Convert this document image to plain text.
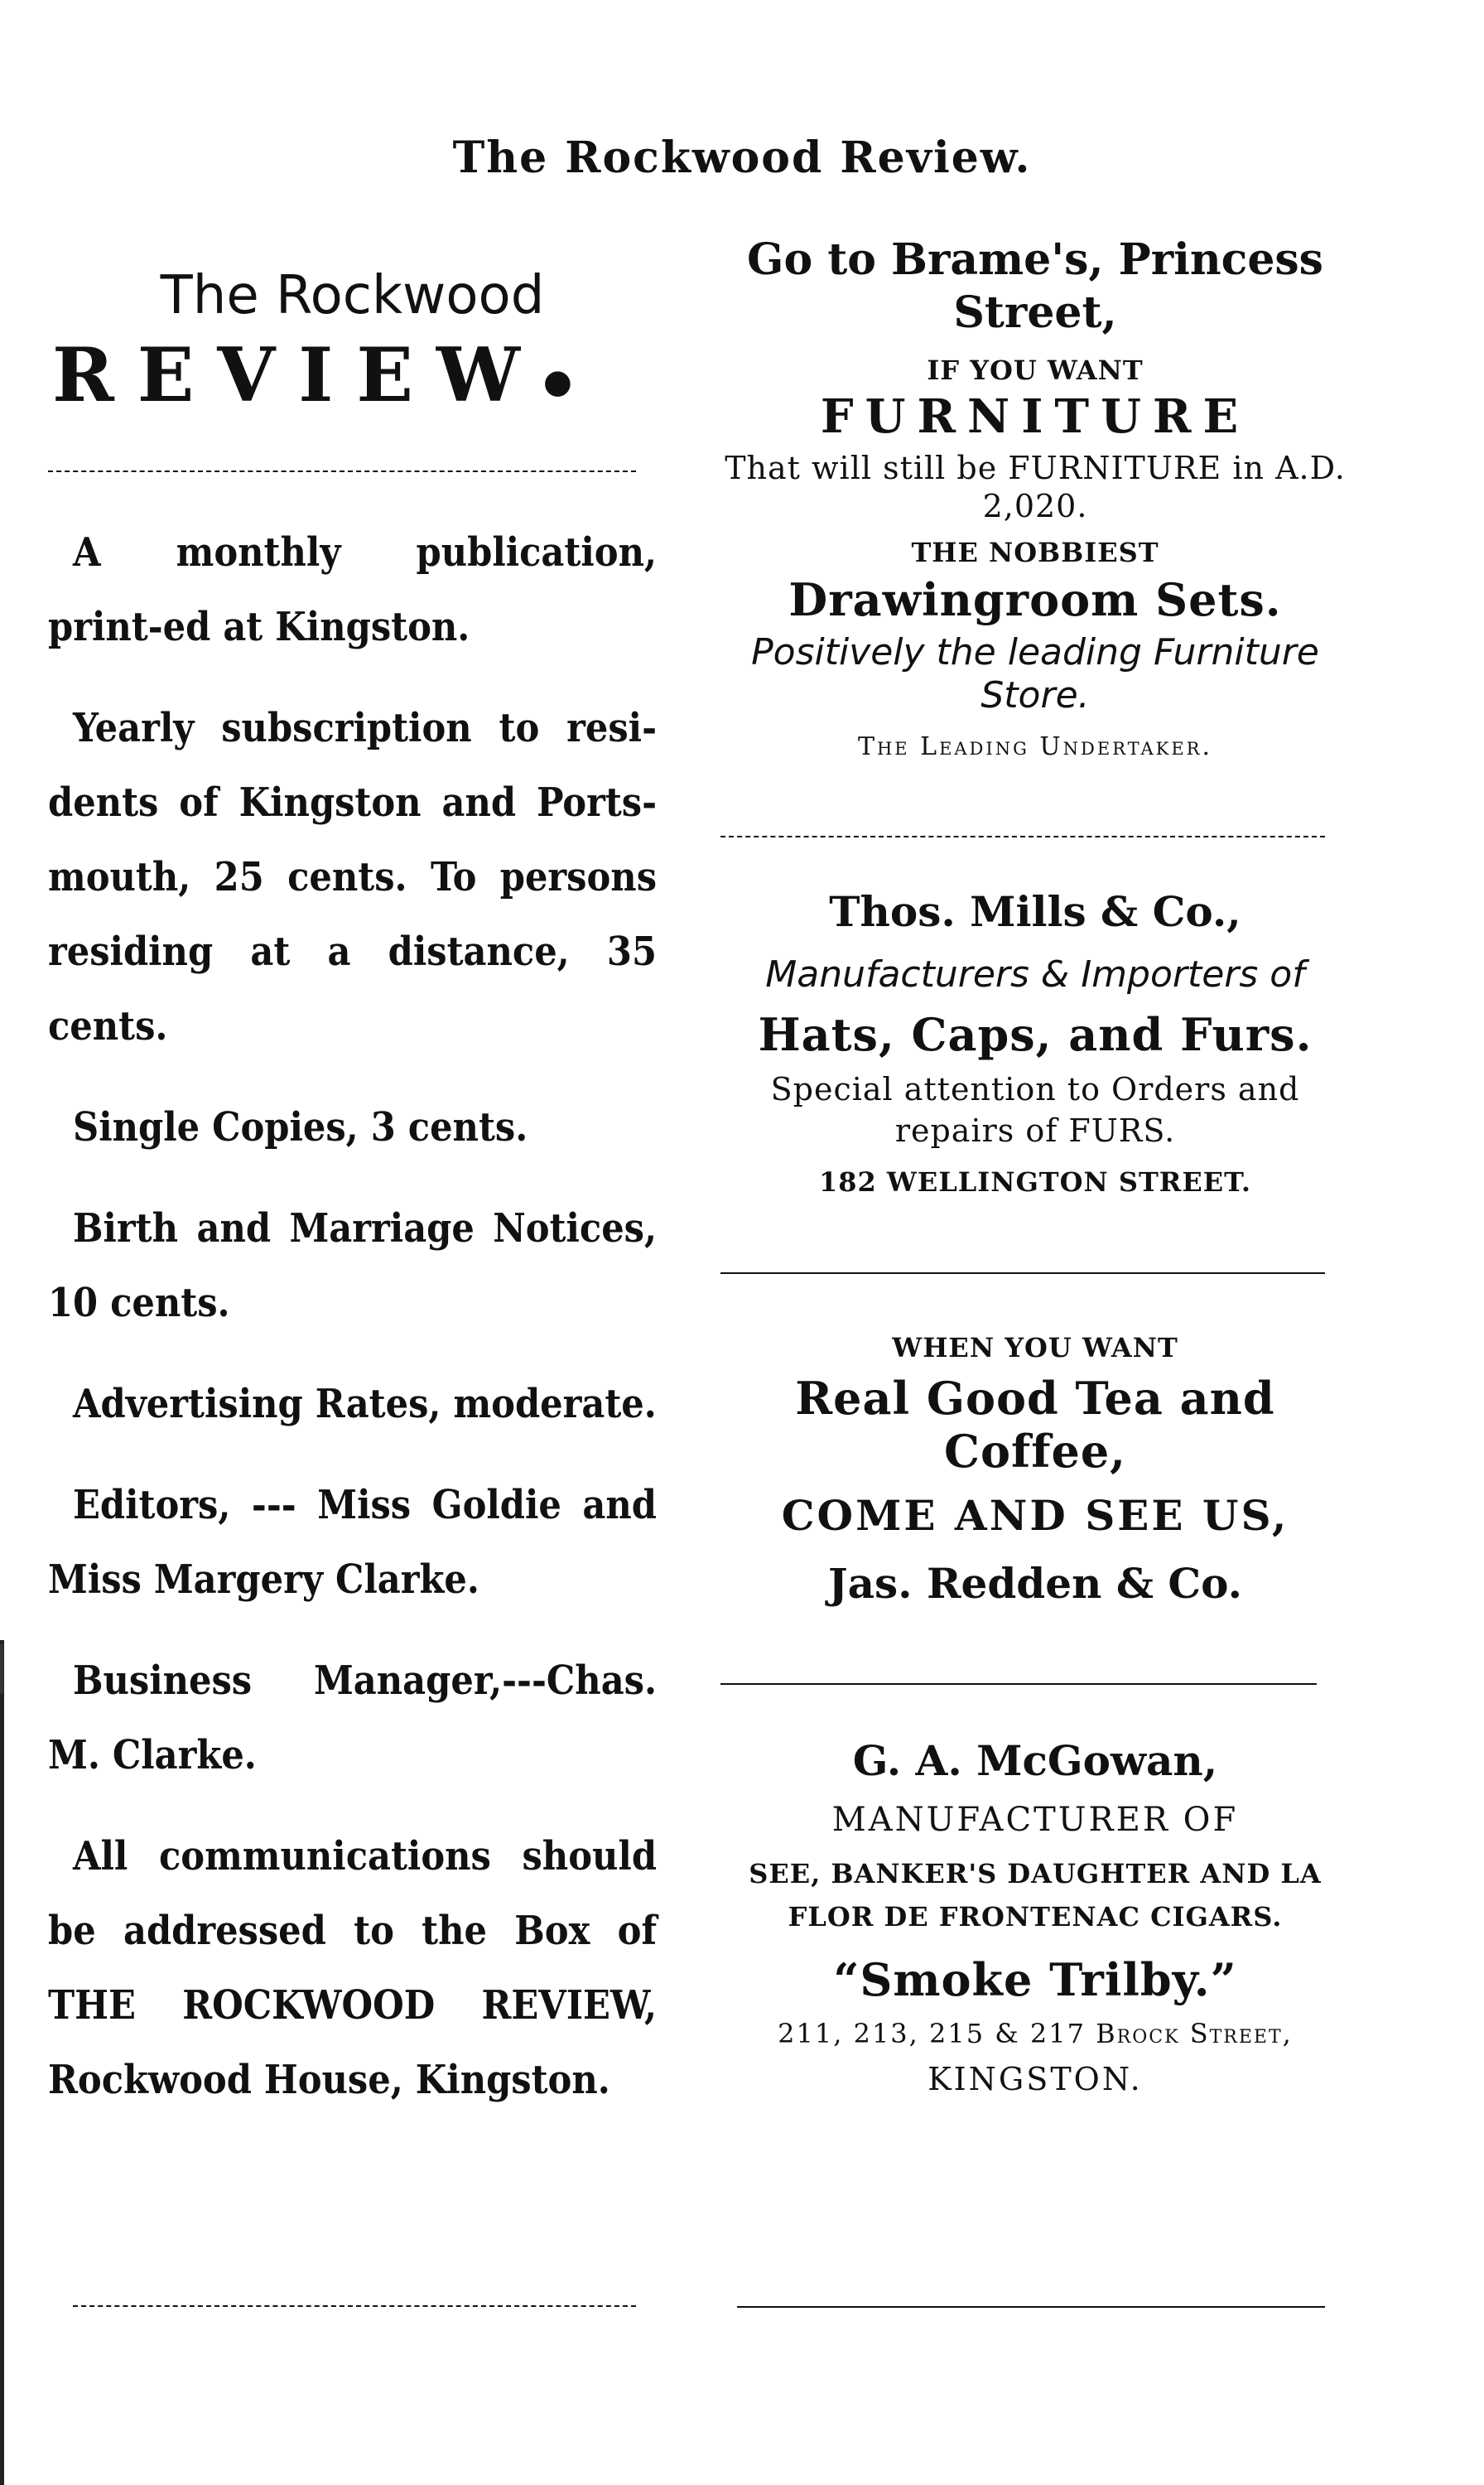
The Rockwood Review.
The Rockwood
REVIEW●

A monthly publication, print-ed at Kingston.

Yearly subscription to resi-dents of Kingston and Ports-mouth, 25 cents. To persons residing at a distance, 35 cents.

Single Copies, 3 cents.

Birth and Marriage Notices, 10 cents.

Advertising Rates, moderate.

Editors, --- Miss Goldie and Miss Margery Clarke.

Business Manager,---Chas. M. Clarke.

All communications should be addressed to the Box of THE ROCKWOOD REVIEW, Rockwood House, Kingston.

Go to Brame's, Princess Street,
IF YOU WANT
FURNITURE
That will still be FURNITURE in A.D. 2,020.
THE NOBBIEST
Drawingroom Sets.
Positively the leading Furniture Store.
The Leading Undertaker.
Thos. Mills & Co.,
Manufacturers & Importers of
Hats, Caps, and Furs.
Special attention to Orders and repairs of FURS.
182 WELLINGTON STREET.
WHEN YOU WANT
Real Good Tea and Coffee,
COME AND SEE US,
Jas. Redden & Co.
G. A. McGowan,
MANUFACTURER OF
SEE, BANKER'S DAUGHTER AND LA FLOR DE FRONTENAC CIGARS.
“Smoke Trilby.”
211, 213, 215 & 217 Brock Street,
KINGSTON.
